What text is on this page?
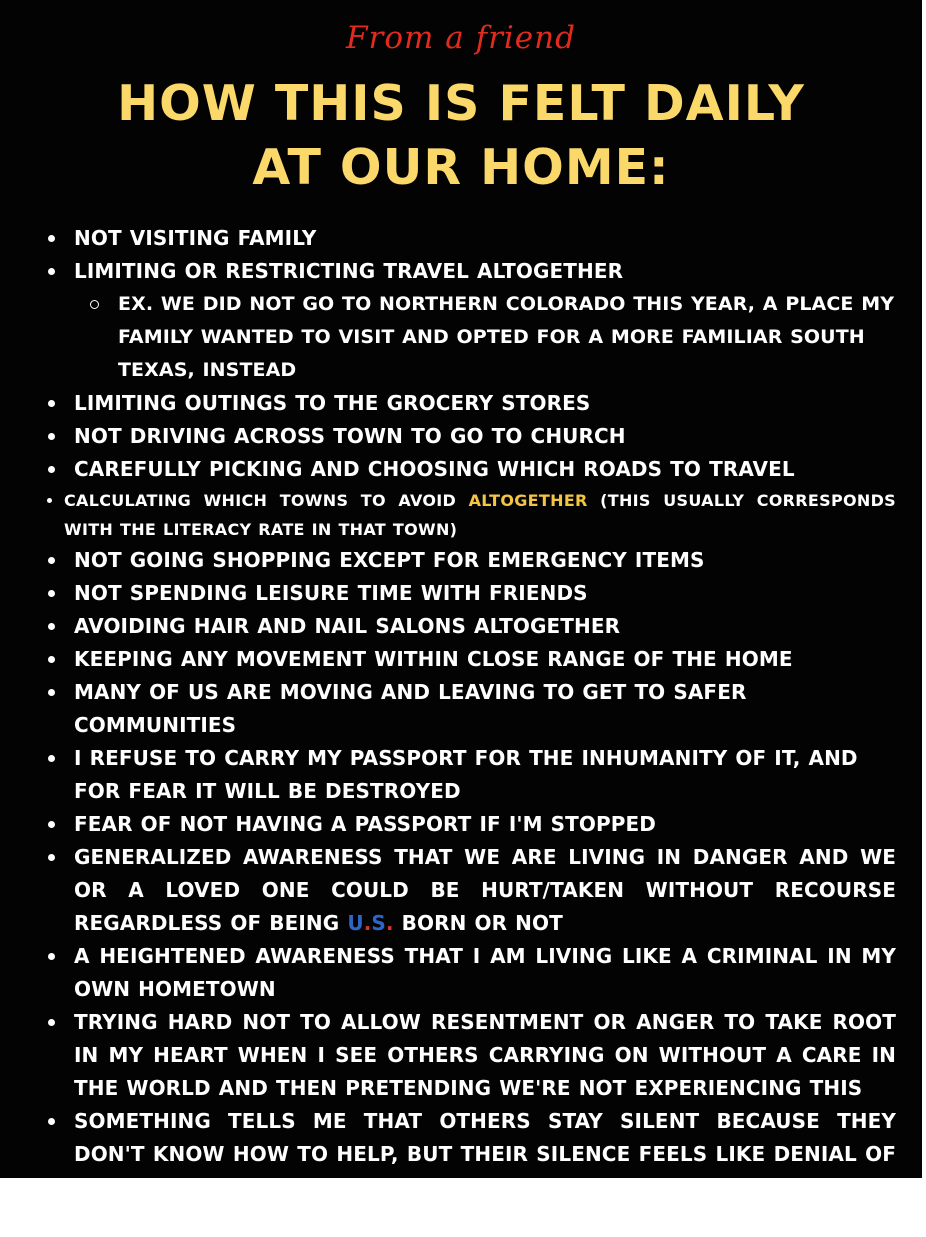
From a friend
HOW THIS IS FELT DAILY
AT OUR HOME:
NOT VISITING FAMILY
LIMITING OR RESTRICTING TRAVEL ALTOGETHER
EX. WE DID NOT GO TO NORTHERN COLORADO THIS YEAR, A PLACE MY FAMILY WANTED TO VISIT AND OPTED FOR A MORE FAMILIAR SOUTH TEXAS, INSTEAD
LIMITING OUTINGS TO THE GROCERY STORES
NOT DRIVING ACROSS TOWN TO GO TO CHURCH
CAREFULLY PICKING AND CHOOSING WHICH ROADS TO TRAVEL
CALCULATING WHICH TOWNS TO AVOID ALTOGETHER (THIS USUALLY CORRESPONDS WITH THE LITERACY RATE IN THAT TOWN)
NOT GOING SHOPPING EXCEPT FOR EMERGENCY ITEMS
NOT SPENDING LEISURE TIME WITH FRIENDS
AVOIDING HAIR AND NAIL SALONS ALTOGETHER
KEEPING ANY MOVEMENT WITHIN CLOSE RANGE OF THE HOME
MANY OF US ARE MOVING AND LEAVING TO GET TO SAFER COMMUNITIES
I REFUSE TO CARRY MY PASSPORT FOR THE INHUMANITY OF IT, AND FOR FEAR IT WILL BE DESTROYED
FEAR OF NOT HAVING A PASSPORT IF I'M STOPPED
GENERALIZED AWARENESS THAT WE ARE LIVING IN DANGER AND WE OR A LOVED ONE COULD BE HURT/TAKEN WITHOUT RECOURSE REGARDLESS OF BEING U.S. BORN OR NOT
A HEIGHTENED AWARENESS THAT I AM LIVING LIKE A CRIMINAL IN MY OWN HOMETOWN
TRYING HARD NOT TO ALLOW RESENTMENT OR ANGER TO TAKE ROOT IN MY HEART WHEN I SEE OTHERS CARRYING ON WITHOUT A CARE IN THE WORLD AND THEN PRETENDING WE'RE NOT EXPERIENCING THIS
SOMETHING TELLS ME THAT OTHERS STAY SILENT BECAUSE THEY DON'T KNOW HOW TO HELP, BUT THEIR SILENCE FEELS LIKE DENIAL OF THIS REALITY.
MORE THAT I CHOOSE NOT TO DISCLOSE
